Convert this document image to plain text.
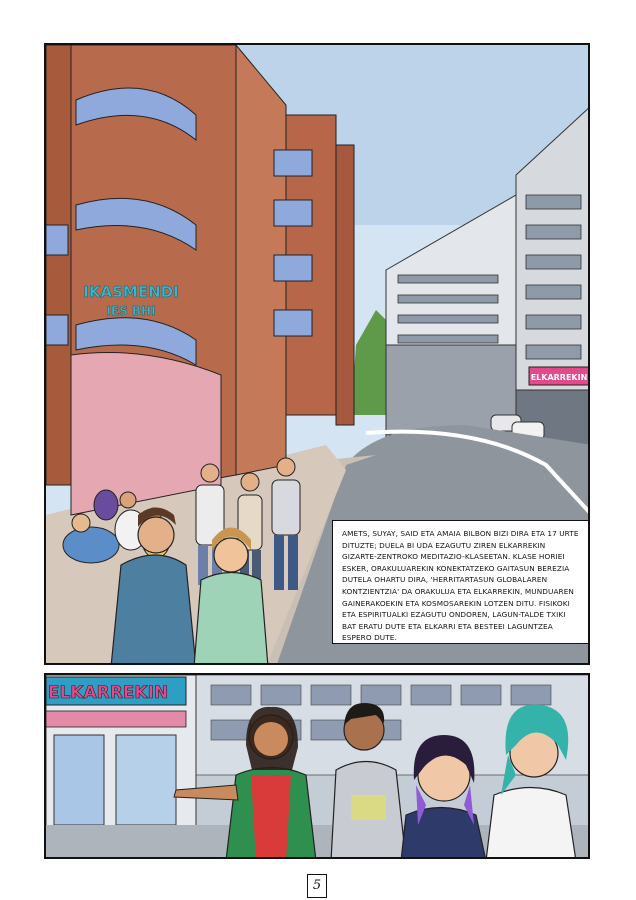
ELKARREKIN
IKASMENDI
IES BHI

AMETS, SUYAY, SAID ETA AMAIA BILBON BIZI DIRA ETA 17 URTE DITUZTE; DUELA BI UDA EZAGUTU ZIREN ELKARREKIN GIZARTE-ZENTROKO MEDITAZIO-KLASEETAN. KLASE HORIEI ESKER, ORAKULUAREKIN KONEKTATZEKO GAITASUN BEREZIA DUTELA OHARTU DIRA, 'HERRITARTASUN GLOBALAREN KONTZIENTZIA' DA ORAKULUA ETA ELKARREKIN, MUNDUAREN GAINERAKOEKIN ETA KOSMOSAREKIN LOTZEN DITU. FISIKOKI ETA ESPIRITUALKI EZAGUTU ONDOREN, LAGUN-TALDE TXIKI BAT ERATU DUTE ETA ELKARRI ETA BESTEEI LAGUNTZEA ESPERO DUTE.

ELKARREKIN
5
